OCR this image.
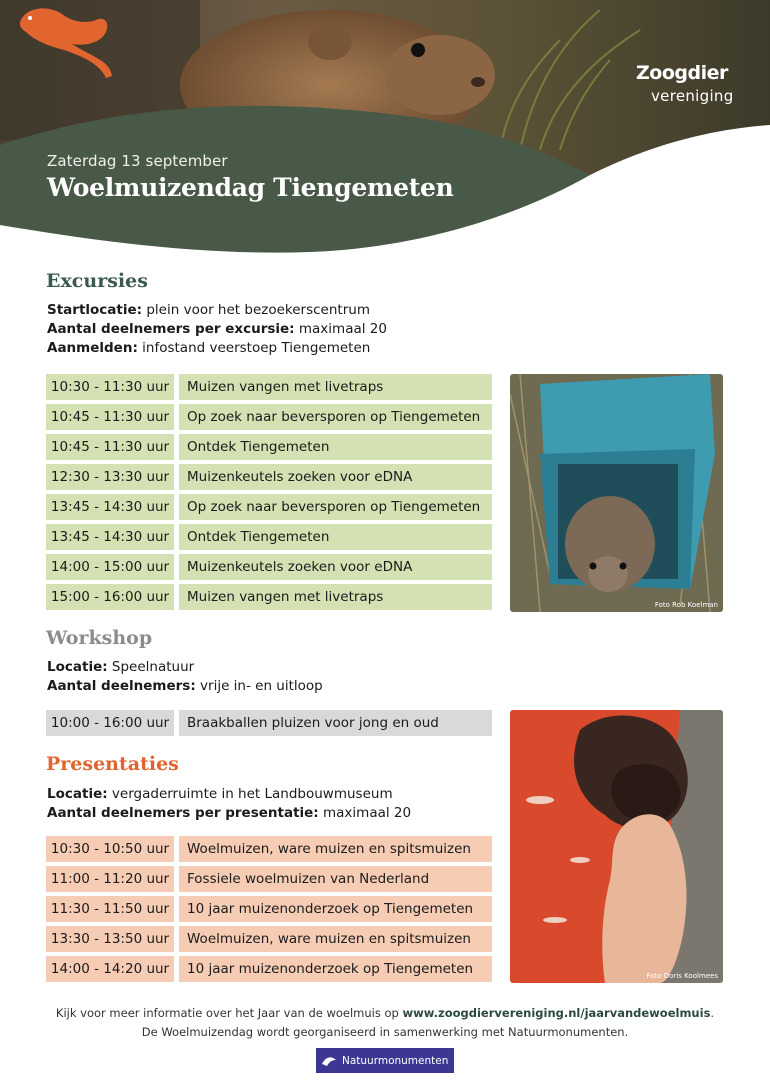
Zaterdag 13 september
Woelmuizendag Tiengemeten
Zoogdier
vereniging
Excursies
Startlocatie: plein voor het bezoekerscentrum
Aantal deelnemers per excursie: maximaal 20
Aanmelden: infostand veerstoep Tiengemeten
10:30 - 11:30 uur	Muizen vangen met livetraps
10:45 - 11:30 uur	Op zoek naar beversporen op Tiengemeten
10:45 - 11:30 uur	Ontdek Tiengemeten
12:30 - 13:30 uur	Muizenkeutels zoeken voor eDNA
13:45 - 14:30 uur	Op zoek naar beversporen op Tiengemeten
13:45 - 14:30 uur	Ontdek Tiengemeten
14:00 - 15:00 uur	Muizenkeutels zoeken voor eDNA
15:00 - 16:00 uur	Muizen vangen met livetraps	Foto Rob Koelman
Workshop
Locatie: Speelnatuur
Aantal deelnemers: vrije in- en uitloop
10:00 - 16:00 uur	Braakballen pluizen voor jong en oud
Presentaties
Locatie: vergaderruimte in het Landbouwmuseum
Aantal deelnemers per presentatie: maximaal 20
10:30 - 10:50 uur	Woelmuizen, ware muizen en spitsmuizen
11:00 - 11:20 uur	Fossiele woelmuizen van Nederland
11:30 - 11:50 uur	10 jaar muizenonderzoek op Tiengemeten
13:30 - 13:50 uur	Woelmuizen, ware muizen en spitsmuizen
14:00 - 14:20 uur	10 jaar muizenonderzoek op Tiengemeten	Foto Doris Koolmees
Kijk voor meer informatie over het Jaar van de woelmuis op www.zoogdiervereniging.nl/jaarvandewoelmuis.
De Woelmuizendag wordt georganiseerd in samenwerking met Natuurmonumenten.
Natuurmonumenten
